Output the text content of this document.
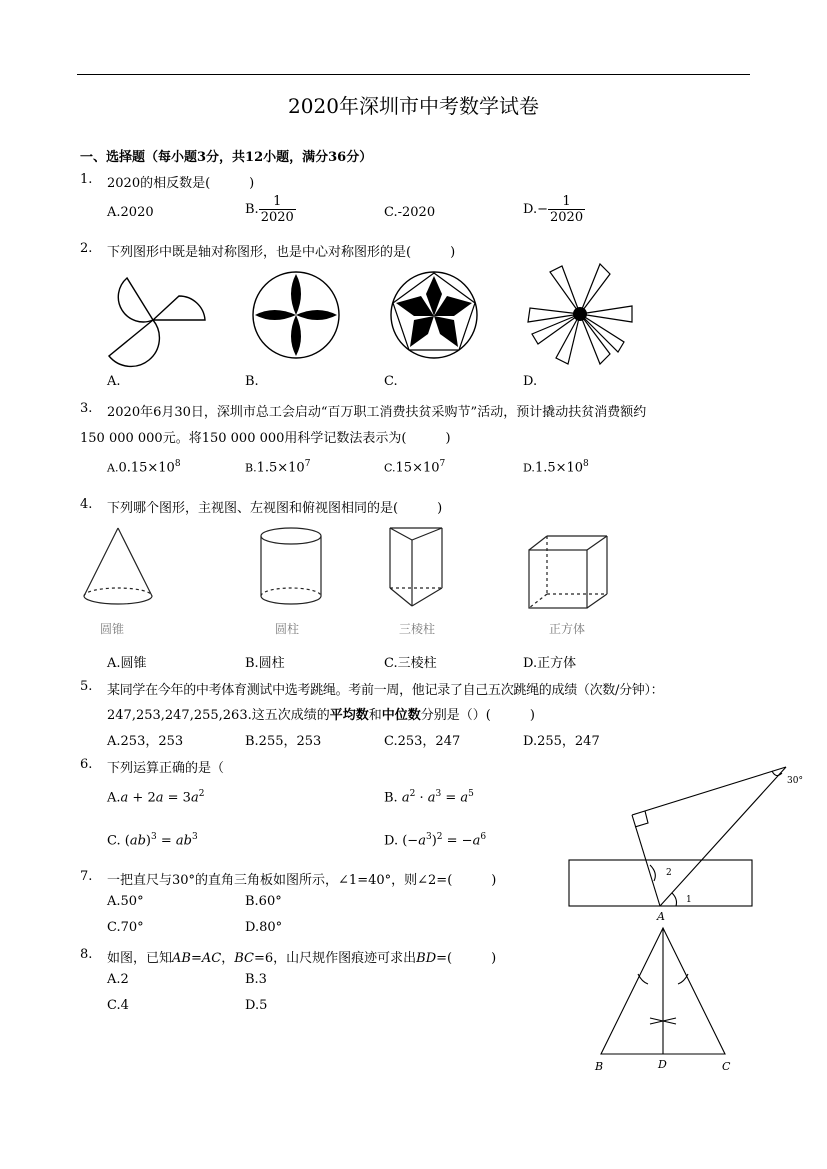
2020年深圳市中考数学试卷
一、选择题（每小题3分，共12小题，满分36分）
1. 2020的相反数是(　　　)
A.2020	B. $\frac{1}{2020}$	C.-2020	$D.- \frac{1}{2020}$
2. 下列图形中既是轴对称图形，也是中心对称图形的是(　　　)
A.	B.	C.	D.
3. 2020年6月30日，深圳市总工会启动“百万职工消费扶贫采购节”活动，预计撬动扶贫消费额约
150 000 000元。将150 000 000用科学记数法表示为(　　　)
$A.0.15\times 10^8$	$B.1.5\times 10^7$	$C.15\times 10^7$	$D.1.5\times 10^8$
4. 下列哪个图形，主视图、左视图和俯视图相同的是(　　　)
圆锥	圆柱	三棱柱	正方体
A.圆锥	B.圆柱	C.三棱柱	D.正方体
5. 某同学在今年的中考体育测试中选考跳绳。考前一周，他记录了自己五次跳绳的成绩（次数/分钟）：
247,253,247,255,263.这五次成绩的平均数和中位数分别是（）(　　　)
A.253，253	B.255，253	C.253，247	D.255，247
6. 下列运算正确的是（
$A.a + 2a = 3a^2$	B. $a^2 \cdot a^3 = a^5$
C. $(ab)^3 = ab^3$	D. $(-a^3)^2 = -a^6$
30°
2
1
7. 一把直尺与30°的直角三角板如图所示，∠1=40°，则∠2=(　　　)
A.50°	B.60°
C.70°	D.80°
8. 如图，已知AB=AC，BC=6，山尺规作图痕迹可求出BD=(　　　)
A.2	B.3
C.4	D.5
A
B	D	C
